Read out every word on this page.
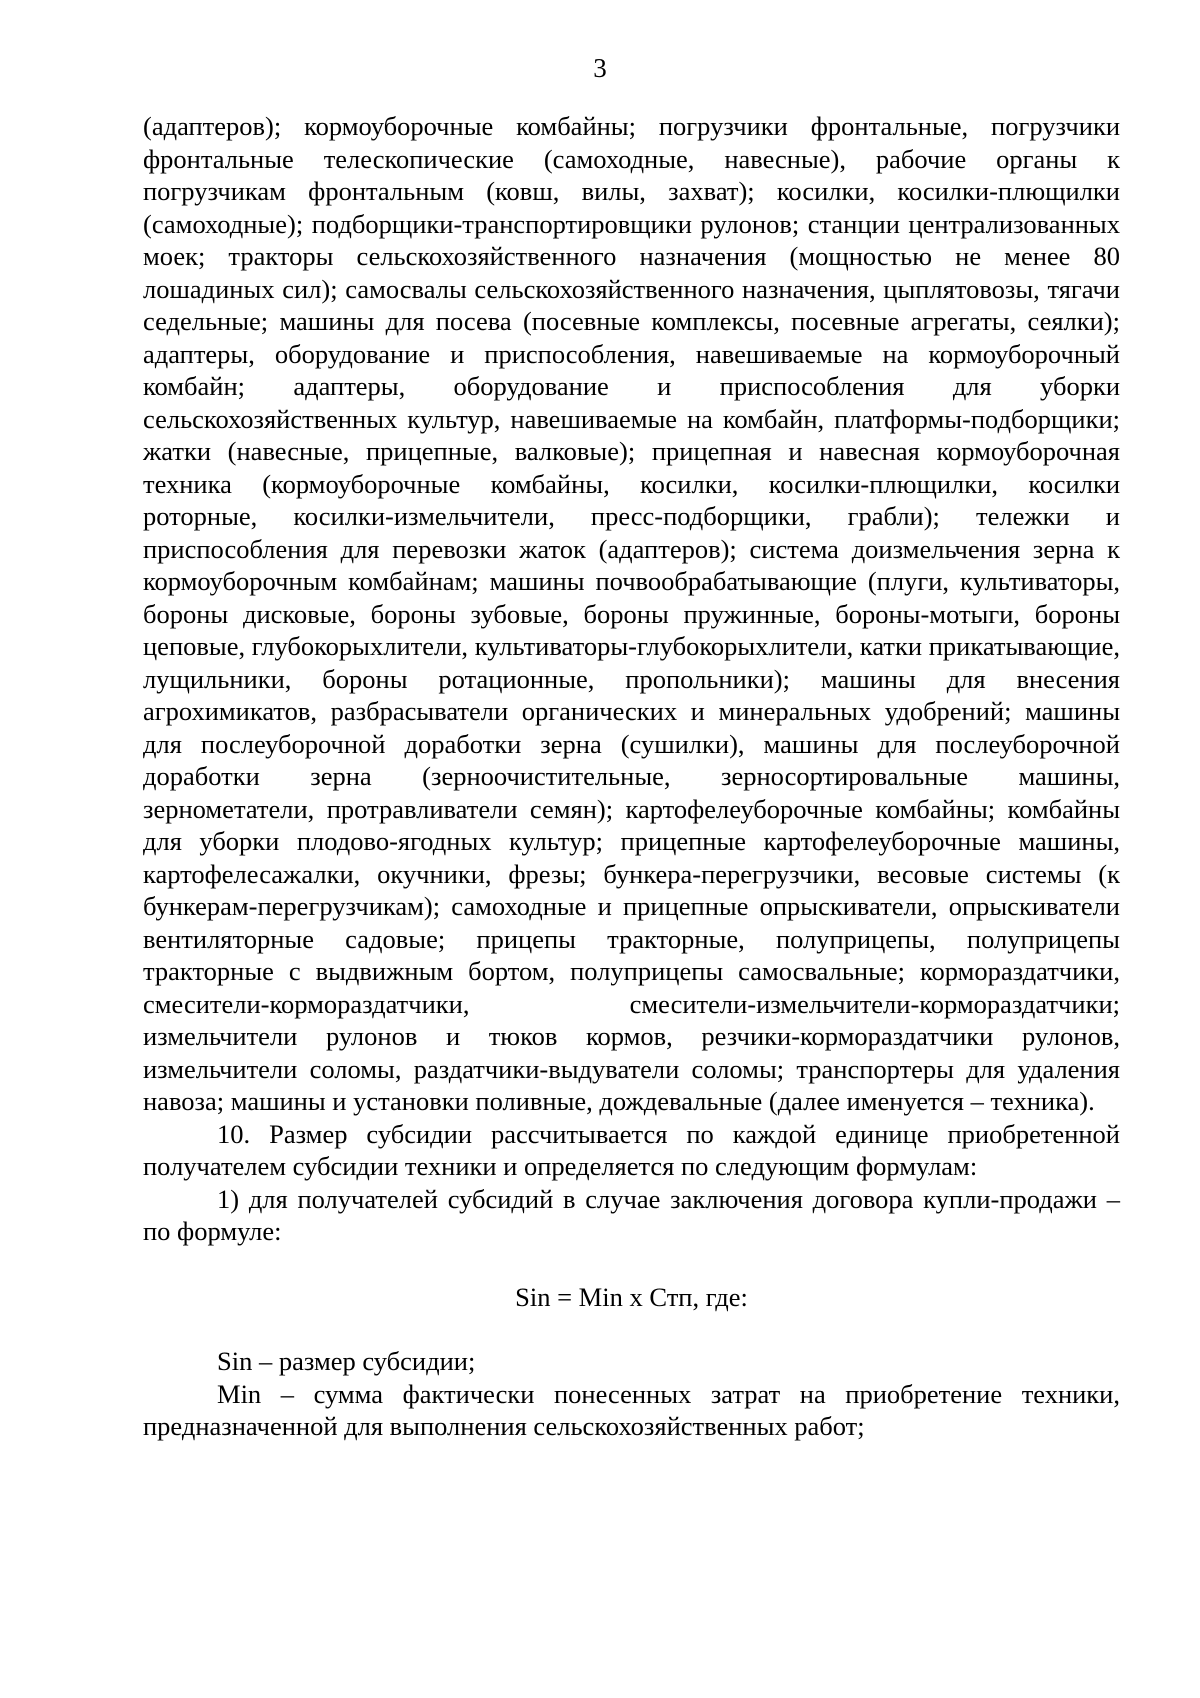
3

(адаптеров); кормоуборочные комбайны; погрузчики фронтальные, погрузчики фронтальные телескопические (самоходные, навесные), рабочие органы к погрузчикам фронтальным (ковш, вилы, захват); косилки, косилки-плющилки (самоходные); подборщики-транспортировщики рулонов; станции централизованных моек; тракторы сельскохозяйственного назначения (мощностью не менее 80 лошадиных сил); самосвалы сельскохозяйственного назначения, цыплятовозы, тягачи седельные; машины для посева (посевные комплексы, посевные агрегаты, сеялки); адаптеры, оборудование и приспособления, навешиваемые на кормоуборочный комбайн; адаптеры, оборудование и приспособления для уборки сельскохозяйственных культур, навешиваемые на комбайн, платформы-подборщики; жатки (навесные, прицепные, валковые); прицепная и навесная кормоуборочная техника (кормоуборочные комбайны, косилки, косилки-плющилки, косилки роторные, косилки-измельчители, пресс-подборщики, грабли); тележки и приспособления для перевозки жаток (адаптеров); система доизмельчения зерна к кормоуборочным комбайнам; машины почвообрабатывающие (плуги, культиваторы, бороны дисковые, бороны зубовые, бороны пружинные, бороны-мотыги, бороны цеповые, глубокорыхлители, культиваторы-глубокорыхлители, катки прикатывающие, лущильники, бороны ротационные, пропольники); машины для внесения агрохимикатов, разбрасыватели органических и минеральных удобрений; машины для послеуборочной доработки зерна (сушилки), машины для послеуборочной доработки зерна (зерноочистительные, зерносортировальные машины, зернометатели, протравливатели семян); картофелеуборочные комбайны; комбайны для уборки плодово-ягодных культур; прицепные картофелеуборочные машины, картофелесажалки, окучники, фрезы; бункера-перегрузчики, весовые системы (к бункерам-перегрузчикам); самоходные и прицепные опрыскиватели, опрыскиватели вентиляторные садовые; прицепы тракторные, полуприцепы, полуприцепы тракторные с выдвижным бортом, полуприцепы самосвальные; кормораздатчики, смесители-кормораздатчики, смесители-измельчители-кормораздатчики; измельчители рулонов и тюков кормов, резчики-кормораздатчики рулонов, измельчители соломы, раздатчики-выдуватели соломы; транспортеры для удаления навоза; машины и установки поливные, дождевальные (далее именуется – техника).

10. Размер субсидии рассчитывается по каждой единице приобретенной получателем субсидии техники и определяется по следующим формулам:

1) для получателей субсидий в случае заключения договора купли-продажи – по формуле:

Sin = Min х Стп, где:

Sin – размер субсидии;

Min – сумма фактически понесенных затрат на приобретение техники, предназначенной для выполнения сельскохозяйственных работ;
